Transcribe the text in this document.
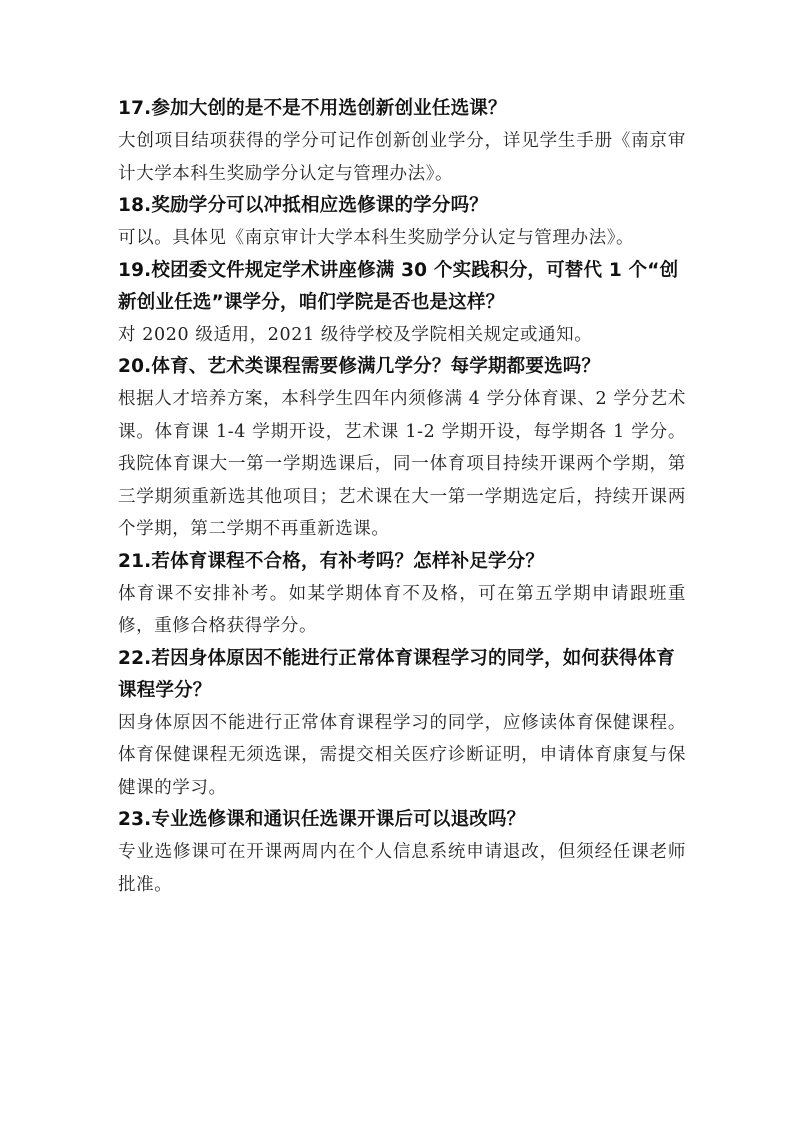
17.参加大创的是不是不用选创新创业任选课？

大创项目结项获得的学分可记作创新创业学分，详见学生手册《南京审计大学本科生奖励学分认定与管理办法》。

18.奖励学分可以冲抵相应选修课的学分吗？

可以。具体见《南京审计大学本科生奖励学分认定与管理办法》。

19.校团委文件规定学术讲座修满 30 个实践积分，可替代 1 个“创新创业任选”课学分，咱们学院是否也是这样？

对 2020 级适用，2021 级待学校及学院相关规定或通知。

20.体育、艺术类课程需要修满几学分？每学期都要选吗？

根据人才培养方案，本科学生四年内须修满 4 学分体育课、2 学分艺术课。体育课 1-4 学期开设，艺术课 1-2 学期开设，每学期各 1 学分。我院体育课大一第一学期选课后，同一体育项目持续开课两个学期，第三学期须重新选其他项目；艺术课在大一第一学期选定后，持续开课两个学期，第二学期不再重新选课。

21.若体育课程不合格，有补考吗？怎样补足学分？

体育课不安排补考。如某学期体育不及格，可在第五学期申请跟班重修，重修合格获得学分。

22.若因身体原因不能进行正常体育课程学习的同学，如何获得体育课程学分？

因身体原因不能进行正常体育课程学习的同学，应修读体育保健课程。体育保健课程无须选课，需提交相关医疗诊断证明，申请体育康复与保健课的学习。

23.专业选修课和通识任选课开课后可以退改吗？

专业选修课可在开课两周内在个人信息系统申请退改，但须经任课老师批准。
